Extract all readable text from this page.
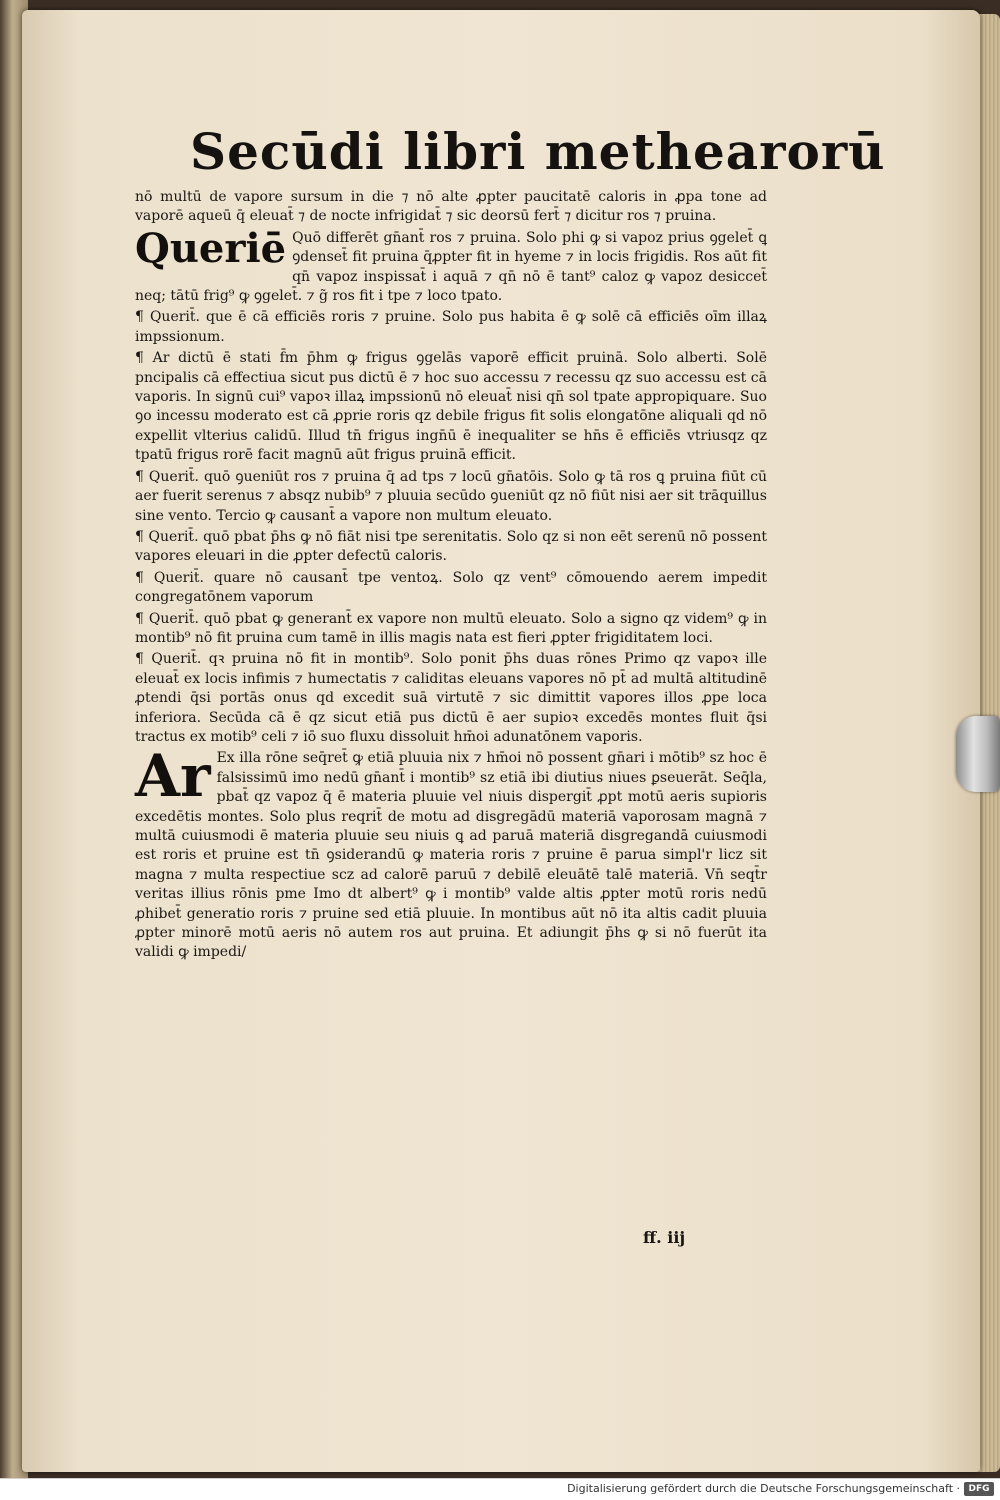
Secūdi libri methearorū

nō multū de vapore sursum in die ⁊ nō alte ꝓpter paucitatē caloris in ꝓpa tone ad vaporē aqueū q̄ eleuat̄ ⁊ de nocte infrigidat̄ ⁊ sic deorsū fert̄ ⁊ dicitur ros ⁊ pruina.

Queriē Quō differēt gn̄ant̄ ros ⁊ pruina. Solo phi ꝙ si vapoz prius ꝯgelet̄ ꝗ ꝯdenset̄ fit pruina q̄ꝓpter fit in hyeme ⁊ in locis frigidis. Ros aūt fit qn̄ vapoz inspissat̄ i aquā ⁊ qn̄ nō ē tant⁹ caloz ꝙ vapoz desiccet̄ neq; tātū frig⁹ ꝙ ꝯgelet̄. ⁊ g̃ ros fit i tpe ⁊ loco tpato.

¶ Querit̄. que ē cā efficiēs roris ⁊ pruine. Solo pus habita ē ꝙ solē cā efficiēs oīm illaꝝ impssionum.

¶ Ar dictū ē stati f̄m p̄hm ꝙ frigus ꝯgelās vaporē efficit pruinā. Solo alberti. Solē pncipalis cā effectiua sicut pus dictū ē ⁊ hoc suo accessu ⁊ recessu qz suo accessu est cā vaporis. In signū cui⁹ vapoꝛ illaꝝ impssionū nō eleuat̄ nisi qn̄ sol tpate appropiquare. Suo ꝯo incessu moderato est cā ꝓprie roris qz debile frigus fit solis elongatōne aliquali qd nō expellit vlterius calidū. Illud tn̄ frigus ingn̄ū ē inequaliter se hn̄s ē efficiēs vtriusqz qz tpatū frigus rorē facit magnū aūt frigus pruinā efficit.

¶ Querit̄. quō ꝯueniūt ros ⁊ pruina q̄ ad tps ⁊ locū gn̄atōis. Solo ꝙ tā ros ꝗ pruina fiūt cū aer fuerit serenus ⁊ absqz nubib⁹ ⁊ pluuia secūdo ꝯueniūt qz nō fiūt nisi aer sit trāquillus sine vento. Tercio ꝙ causant̄ a vapore non multum eleuato.

¶ Querit̄. quō pbat p̄hs ꝙ nō fiāt nisi tpe serenitatis. Solo qz si non eēt serenū nō possent vapores eleuari in die ꝓpter defectū caloris.

¶ Querit̄. quare nō causant̄ tpe ventoꝝ. Solo qz vent⁹ cōmouendo aerem impedit congregatōnem vaporum

¶ Querit̄. quō pbat ꝙ generant̄ ex vapore non multū eleuato. Solo a signo qz videm⁹ ꝙ in montib⁹ nō fit pruina cum tamē in illis magis nata est fieri ꝓpter frigiditatem loci.

¶ Querit̄. qꝛ pruina nō fit in montib⁹. Solo ponit p̄hs duas rōnes Primo qz vapoꝛ ille eleuat̄ ex locis infimis ⁊ humectatis ⁊ caliditas eleuans vapores nō pt̄ ad multā altitudinē ꝓtendi q̄si portās onus qd excedit suā virtutē ⁊ sic dimittit vapores illos ꝓpe loca inferiora. Secūda cā ē qz sicut etiā pus dictū ē aer supioꝛ excedēs montes fluit q̄si tractus ex motib⁹ celi ⁊ iō suo fluxu dissoluit hm̄oi adunatōnem vaporis.

Ar Ex illa rōne seq̄ret̄ ꝙ etiā pluuia nix ⁊ hm̄oi nō possent gn̄ari i mōtib⁹ sz hoc ē falsissimū imo nedū gn̄ant̄ i montib⁹ sz etiā ibi diutius niues ꝑseuerāt. Seq̄la, pbat̄ qz vapoz q̄ ē materia pluuie vel niuis dispergit̄ ꝓpt motū aeris supioris excedētis montes. Solo plus reqrit̄ de motu ad disgregādū materiā vaporosam magnā ⁊ multā cuiusmodi ē materia pluuie seu niuis ꝗ ad paruā materiā disgregandā cuiusmodi est roris et pruine est tn̄ ꝯsiderandū ꝙ materia roris ⁊ pruine ē parua simpl'r licz sit magna ⁊ multa respectiue scz ad calorē paruū ⁊ debilē eleuātē talē materiā. Vn̄ seqt̄r veritas illius rōnis pme Imo dt albert⁹ ꝙ i montib⁹ valde altis ꝓpter motū roris nedū ꝓhibet̄ generatio roris ⁊ pruine sed etiā pluuie. In montibus aūt nō ita altis cadit pluuia ꝓpter minorē motū aeris nō autem ros aut pruina. Et adiungit p̄hs ꝙ si nō fuerūt ita validi ꝙ impedi/

ff. iij

Digitalisierung gefördert durch die Deutsche Forschungsgemeinschaft · DFG
